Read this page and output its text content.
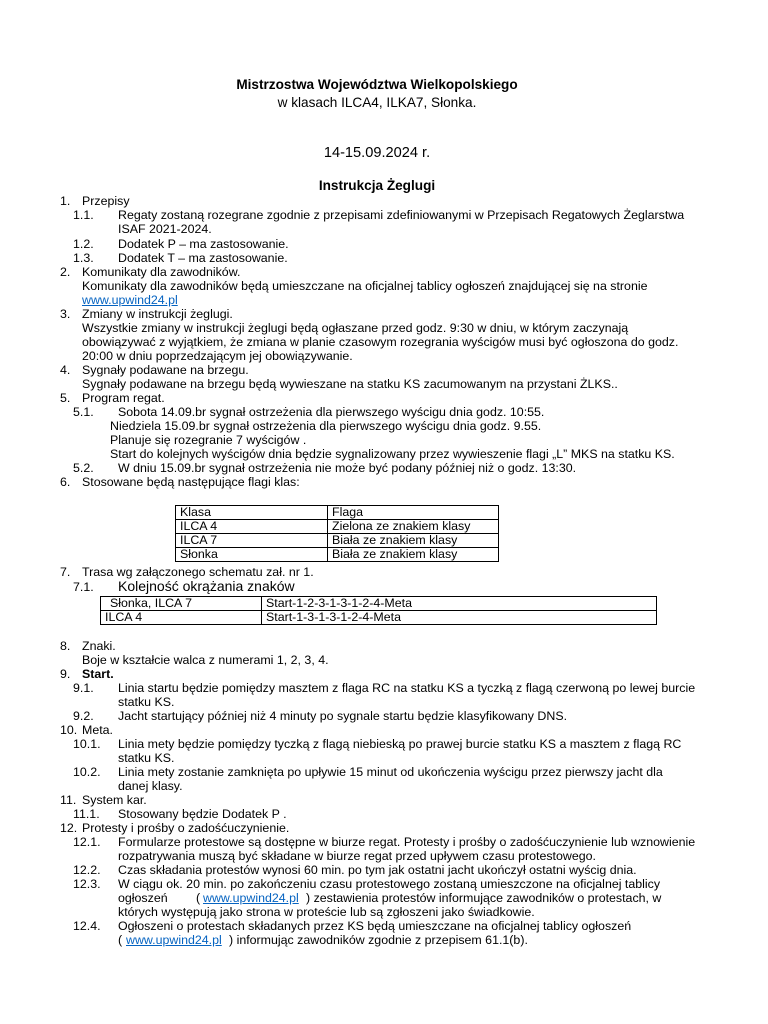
Mistrzostwa Województwa Wielkopolskiego
w klasach ILCA4, ILKA7, Słonka.
14-15.09.2024 r.
Instrukcja Żeglugi
1. Przepisy
1.1. Regaty zostaną rozegrane zgodnie z przepisami zdefiniowanymi w Przepisach Regatowych Żeglarstwa
ISAF 2021-2024.
1.2. Dodatek P – ma zastosowanie.
1.3. Dodatek T – ma zastosowanie.
2. Komunikaty dla zawodników.
Komunikaty dla zawodników będą umieszczane na oficjalnej tablicy ogłoszeń znajdującej się na stronie
www.upwind24.pl
3. Zmiany w instrukcji żeglugi.
Wszystkie zmiany w instrukcji żeglugi będą ogłaszane przed godz. 9:30 w dniu, w którym zaczynają
obowiązywać z wyjątkiem, że zmiana w planie czasowym rozegrania wyścigów musi być ogłoszona do godz.
20:00 w dniu poprzedzającym jej obowiązywanie.
4. Sygnały podawane na brzegu.
Sygnały podawane na brzegu będą wywieszane na statku KS zacumowanym na przystani ŻLKS..
5. Program regat.
5.1. Sobota 14.09.br sygnał ostrzeżenia dla pierwszego wyścigu dnia godz. 10:55.
Niedziela 15.09.br sygnał ostrzeżenia dla pierwszego wyścigu dnia godz. 9.55.
Planuje się rozegranie 7 wyścigów .
Start do kolejnych wyścigów dnia będzie sygnalizowany przez wywieszenie flagi „L” MKS na statku KS.
5.2. W dniu 15.09.br sygnał ostrzeżenia nie może być podany później niż o godz. 13:30.
6. Stosowane będą następujące flagi klas:
Klasa	Flaga
ILCA 4	Zielona ze znakiem klasy
ILCA 7	Biała ze znakiem klasy
Słonka	Biała ze znakiem klasy
7. Trasa wg załączonego schematu zał. nr 1.
7.1. Kolejność okrążania znaków
Słonka, ILCA 7	Start-1-2-3-1-3-1-2-4-Meta
ILCA 4	Start-1-3-1-3-1-2-4-Meta
8. Znaki.
Boje w kształcie walca z numerami 1, 2, 3, 4.
9. Start.
9.1. Linia startu będzie pomiędzy masztem z flaga RC na statku KS a tyczką z flagą czerwoną po lewej burcie
statku KS.
9.2. Jacht startujący później niż 4 minuty po sygnale startu będzie klasyfikowany DNS.
10. Meta.
10.1. Linia mety będzie pomiędzy tyczką z flagą niebieską po prawej burcie statku KS a masztem z flagą RC
statku KS.
10.2. Linia mety zostanie zamknięta po upływie 15 minut od ukończenia wyścigu przez pierwszy jacht dla
danej klasy.
11. System kar.
11.1. Stosowany będzie Dodatek P .
12. Protesty i prośby o zadośćuczynienie.
12.1. Formularze protestowe są dostępne w biurze regat. Protesty i prośby o zadośćuczynienie lub wznowienie
rozpatrywania muszą być składane w biurze regat przed upływem czasu protestowego.
12.2. Czas składania protestów wynosi 60 min. po tym jak ostatni jacht ukończył ostatni wyścig dnia.
12.3. W ciągu ok. 20 min. po zakończeniu czasu protestowego zostaną umieszczone na oficjalnej tablicy
ogłoszeń ( www.upwind24.pl ) zestawienia protestów informujące zawodników o protestach, w
których występują jako strona w proteście lub są zgłoszeni jako świadkowie.
12.4. Ogłoszeni o protestach składanych przez KS będą umieszczane na oficjalnej tablicy ogłoszeń
( www.upwind24.pl ) informując zawodników zgodnie z przepisem 61.1(b).
